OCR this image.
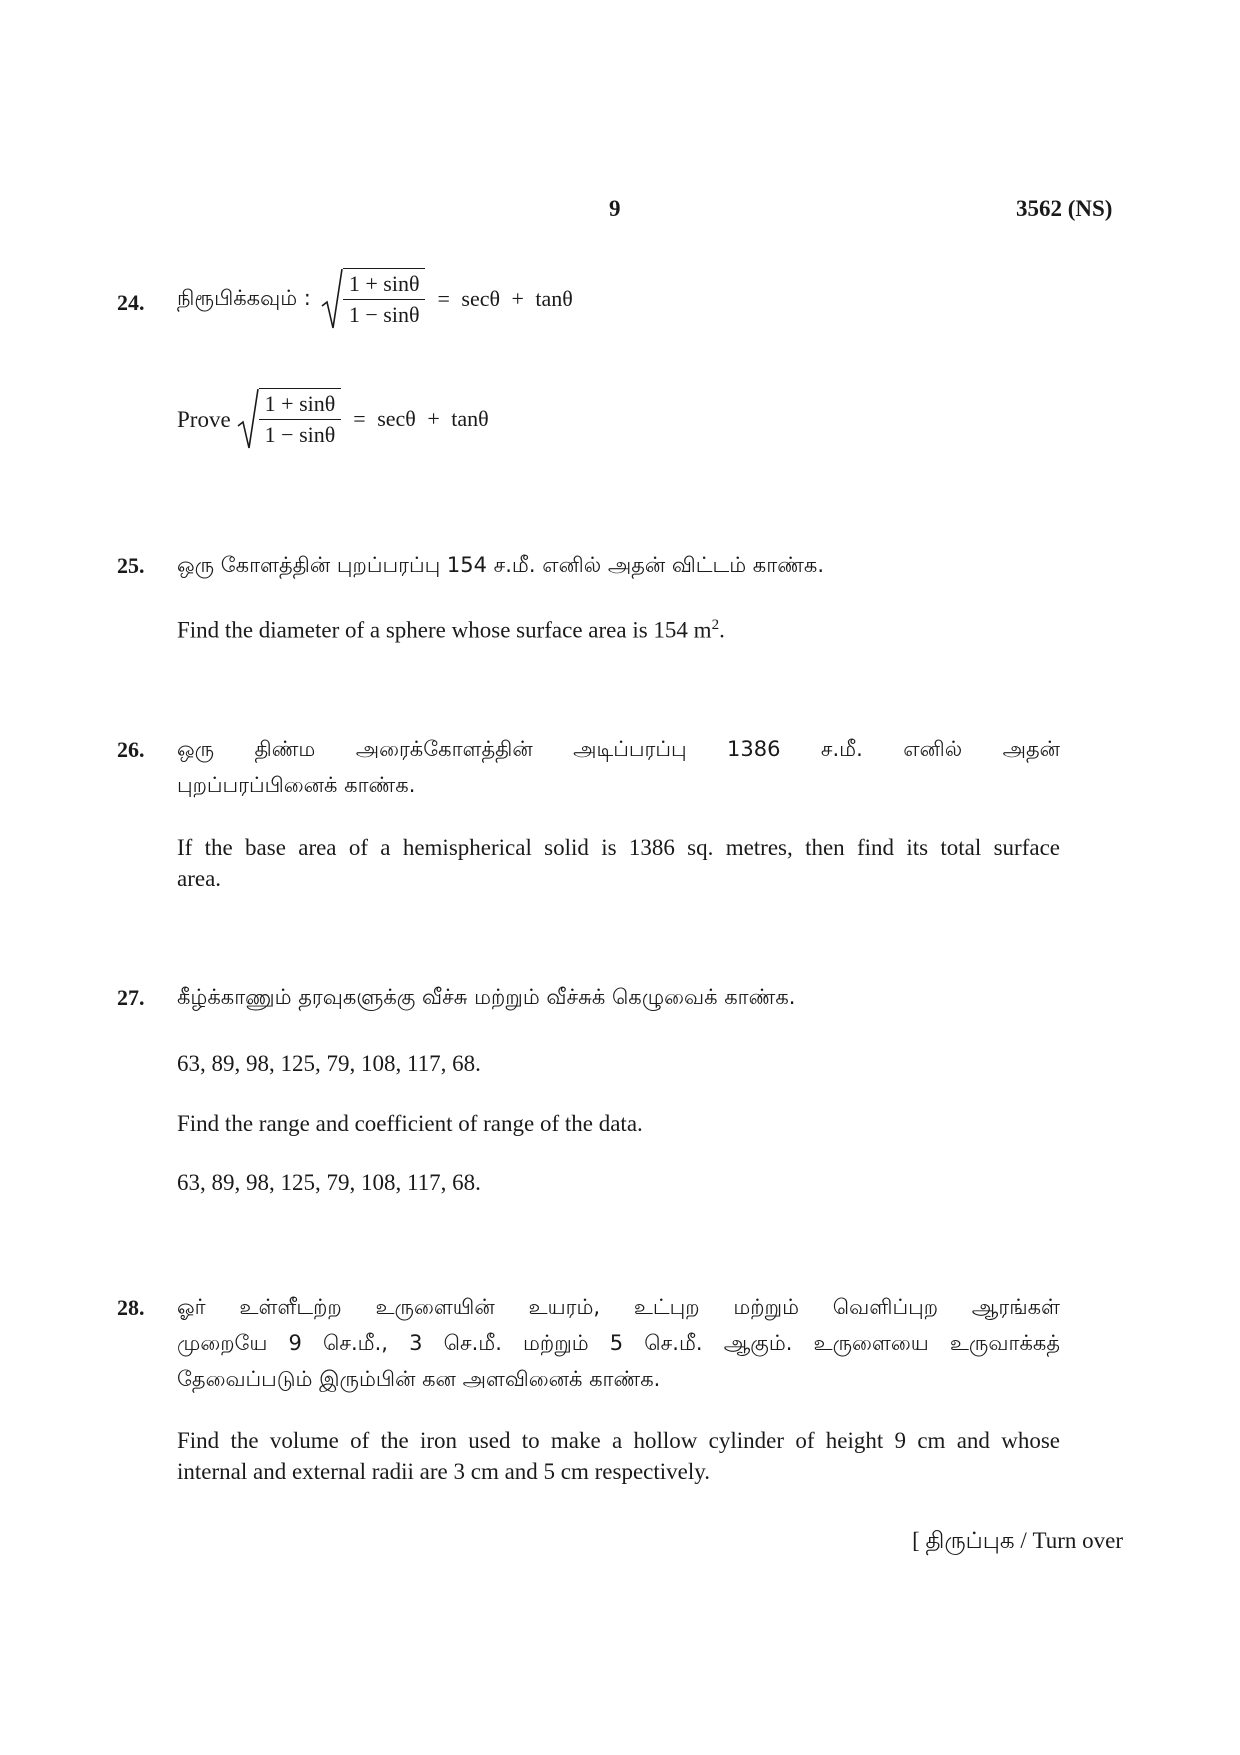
9	3562 (NS)
24. நிரூபிக்கவும் : $\frac{1 + \sin\theta}{1 - \sin\theta} = \sec\theta + \tan\theta$
Prove $\frac{1 + \sin\theta}{1 - \sin\theta} = \sec\theta + \tan\theta$
25. ஒரு கோளத்தின் புறப்பரப்பு 154 ச.மீ. எனில் அதன் விட்டம் காண்க.
Find the diameter of a sphere whose surface area is 154 $m^2$.
26. ஒரு திண்ம அரைக்கோளத்தின் அடிப்பரப்பு 1386 ச.மீ. எனில் அதன்
புறப்பரப்பினைக் காண்க.
If the base area of a hemispherical solid is 1386 sq. metres, then find its total surface
area.
27. கீழ்க்காணும் தரவுகளுக்கு வீச்சு மற்றும் வீச்சுக் கெழுவைக் காண்க.
63, 89, 98, 125, 79, 108, 117, 68.
Find the range and coefficient of range of the data.
63, 89, 98, 125, 79, 108, 117, 68.
28. ஓர் உள்ளீடற்ற உருளையின் உயரம், உட்புற மற்றும் வெளிப்புற ஆரங்கள்
முறையே 9 செ.மீ., 3 செ.மீ. மற்றும் 5 செ.மீ. ஆகும். உருளையை உருவாக்கத்
தேவைப்படும் இரும்பின் கன அளவினைக் காண்க.
Find the volume of the iron used to make a hollow cylinder of height 9 cm and whose
internal and external radii are 3 cm and 5 cm respectively.
[ திருப்புக / Turn over
